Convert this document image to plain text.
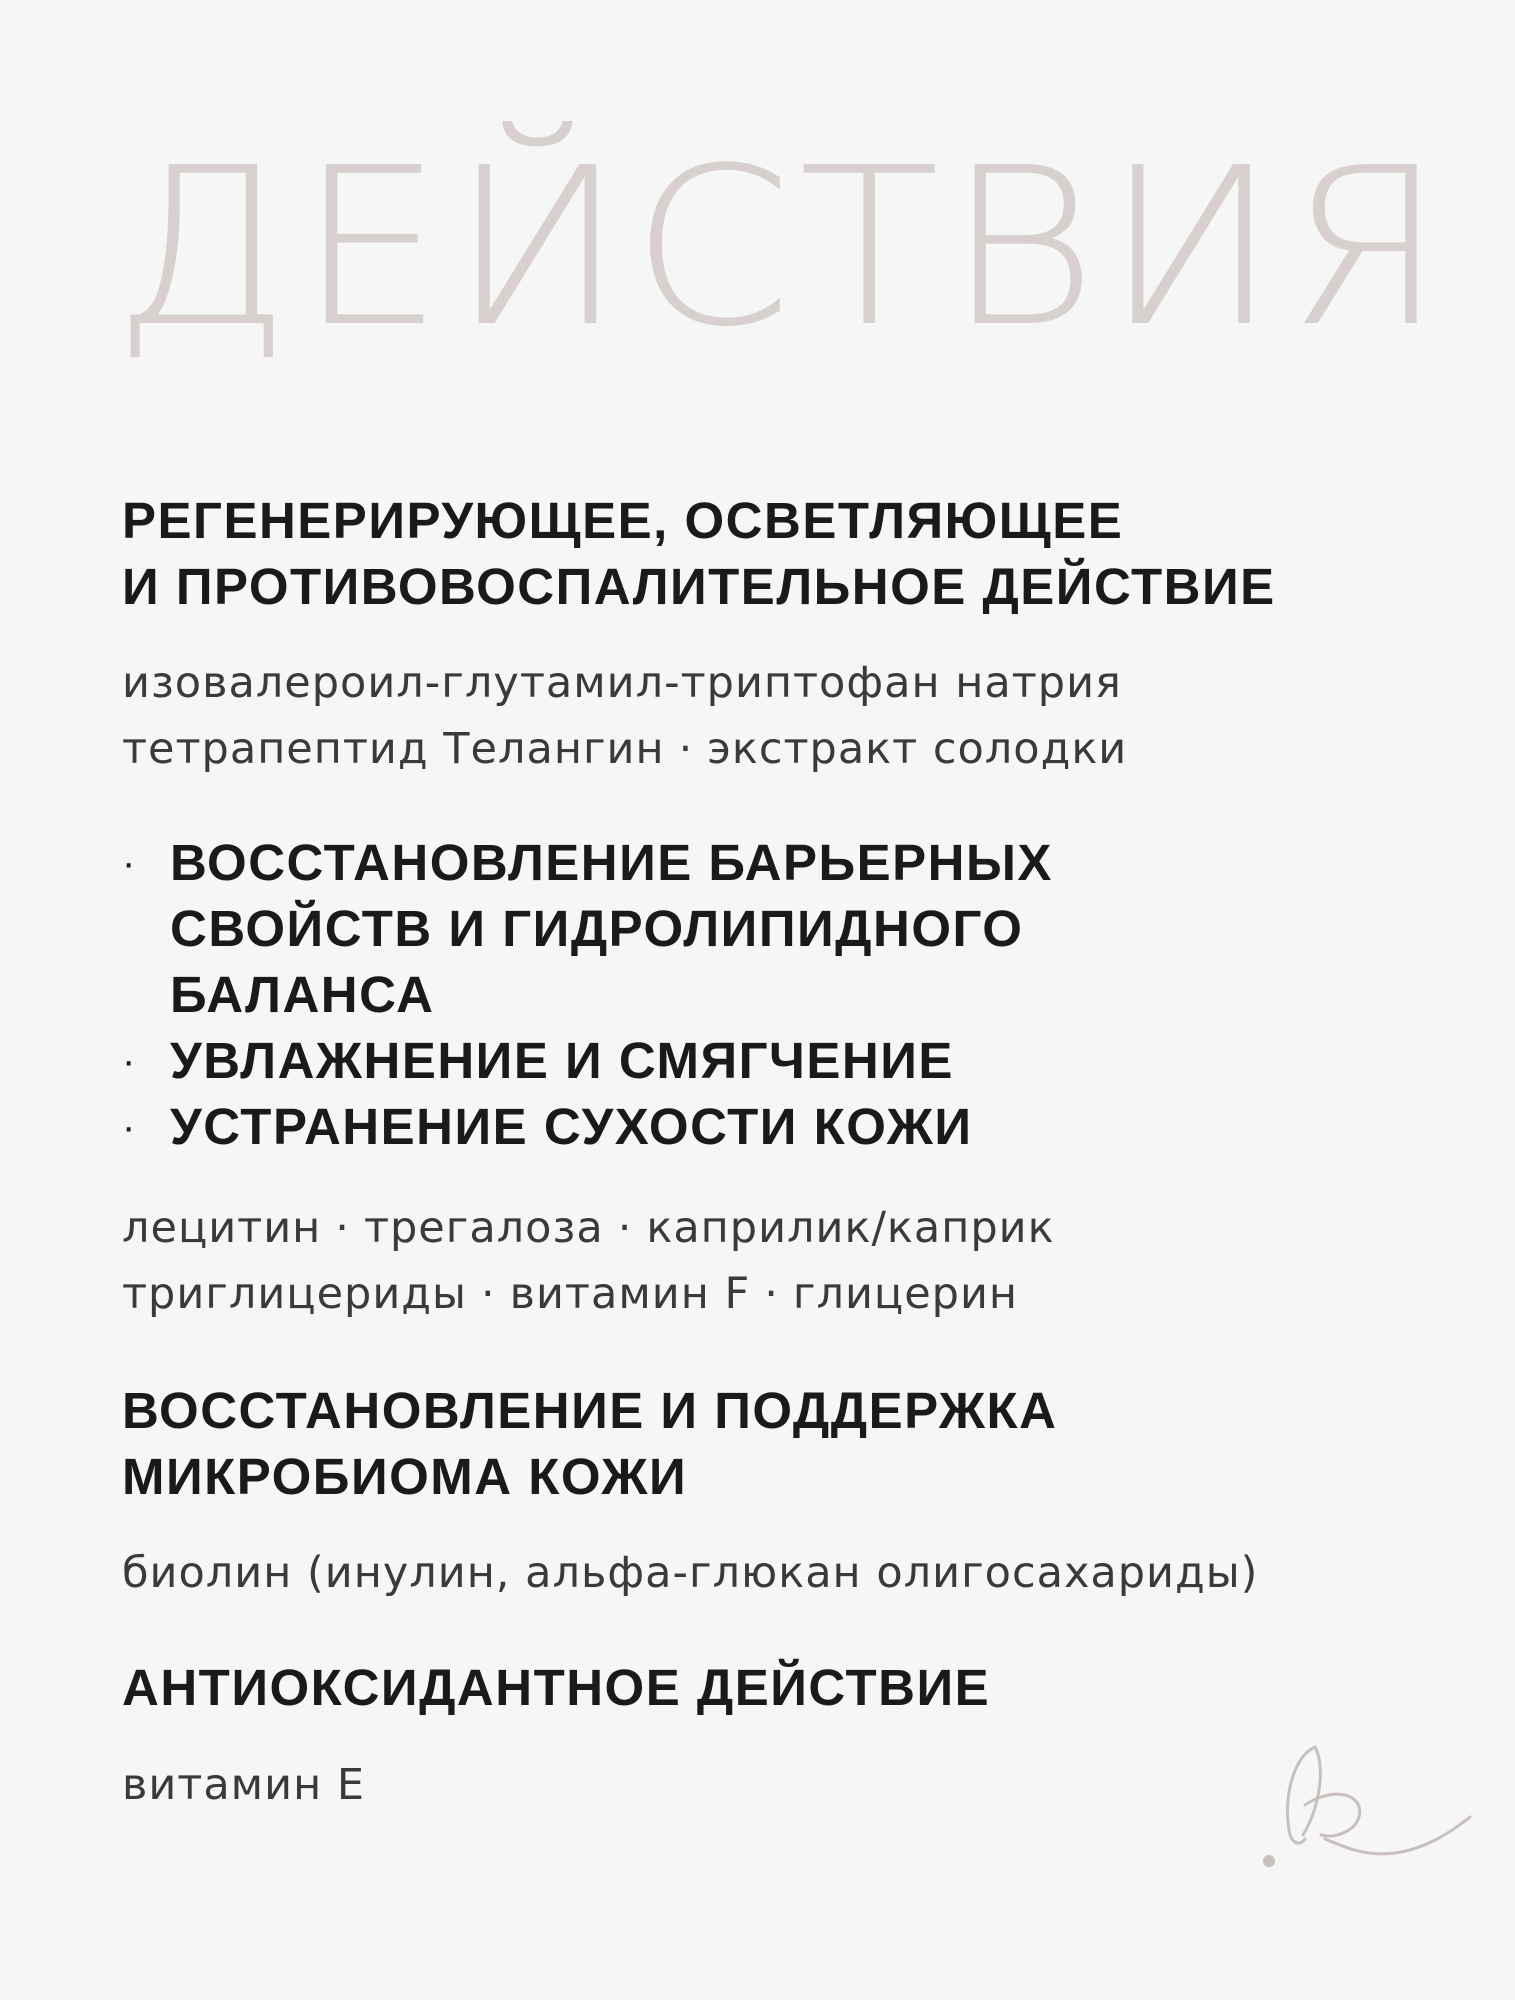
ДЕЙСТВИЯ
РЕГЕНЕРИРУЮЩЕЕ, ОСВЕТЛЯЮЩЕЕ
И ПРОТИВОВОСПАЛИТЕЛЬНОЕ ДЕЙСТВИЕ

изовалероил-глутамил-триптофан натрия
тетрапептид Телангин · экстракт солодки

· ВОССТАНОВЛЕНИЕ БАРЬЕРНЫХ
СВОЙСТВ И ГИДРОЛИПИДНОГО
БАЛАНСА
· УВЛАЖНЕНИЕ И СМЯГЧЕНИЕ
· УСТРАНЕНИЕ СУХОСТИ КОЖИ

лецитин · трегалоза · каприлик/каприк
триглицериды · витамин F · глицерин

ВОССТАНОВЛЕНИЕ И ПОДДЕРЖКА
МИКРОБИОМА КОЖИ

биолин (инулин, альфа-глюкан олигосахариды)

АНТИОКСИДАНТНОЕ ДЕЙСТВИЕ

витамин E
